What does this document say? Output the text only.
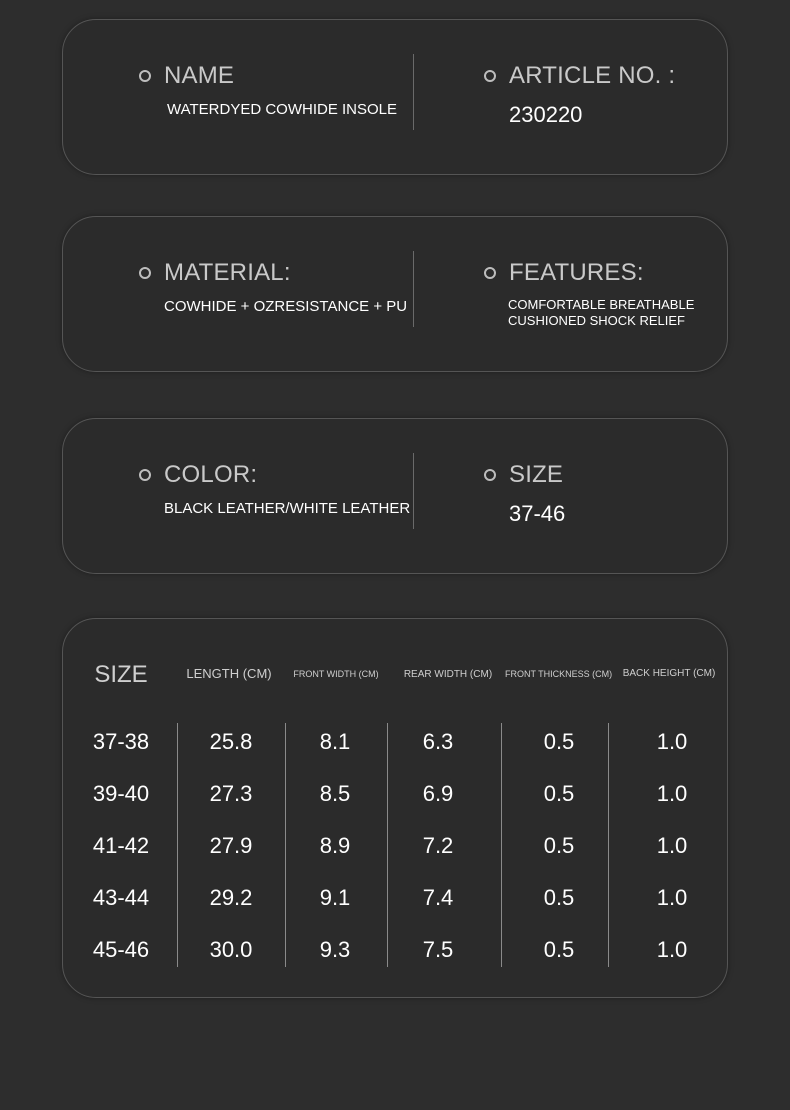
NAME
WATERDYED COWHIDE INSOLE
ARTICLE NO. :
230220
MATERIAL:
COWHIDE + OZRESISTANCE + PU
FEATURES:
COMFORTABLE BREATHABLE
CUSHIONED SHOCK RELIEF
COLOR:
BLACK LEATHER/WHITE LEATHER
SIZE
37-46
SIZE	LENGTH (CM)	FRONT WIDTH (CM)	REAR WIDTH (CM)	FRONT THICKNESS (CM)	BACK HEIGHT (CM)
37-38	25.8	8.1	6.3	0.5	1.0
39-40	27.3	8.5	6.9	0.5	1.0
41-42	27.9	8.9	7.2	0.5	1.0
43-44	29.2	9.1	7.4	0.5	1.0
45-46	30.0	9.3	7.5	0.5	1.0
